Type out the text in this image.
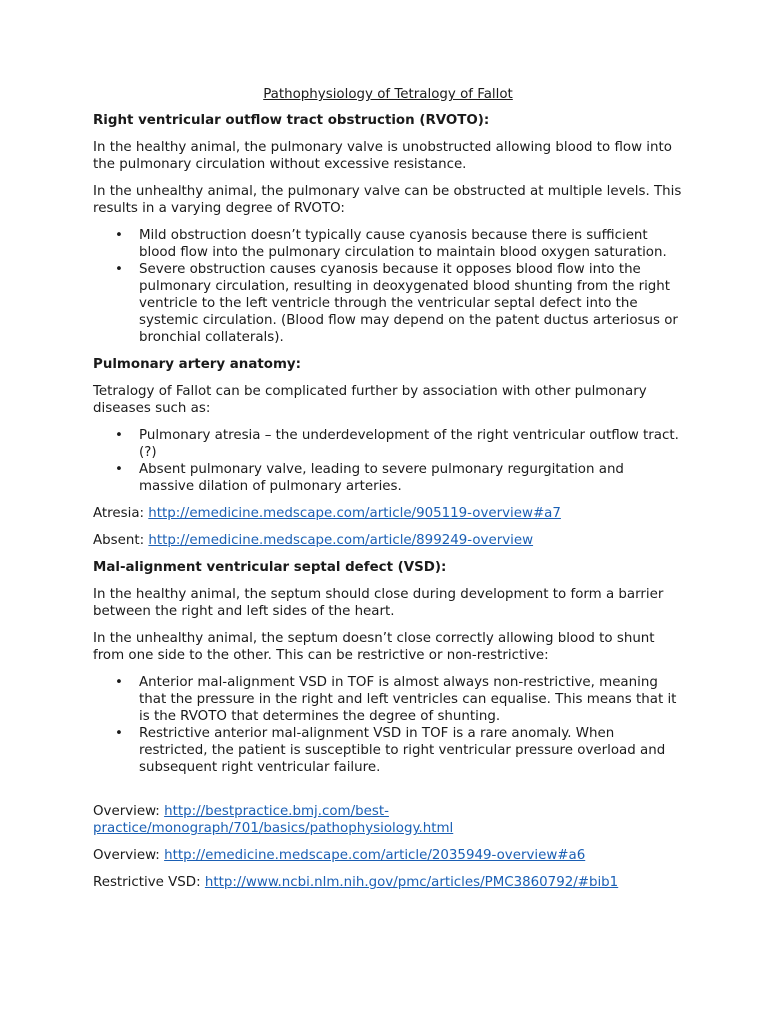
Pathophysiology of Tetralogy of Fallot
Right ventricular outflow tract obstruction (RVOTO):

In the healthy animal, the pulmonary valve is unobstructed allowing blood to flow into the pulmonary circulation without excessive resistance.

In the unhealthy animal, the pulmonary valve can be obstructed at multiple levels. This results in a varying degree of RVOTO:

• Mild obstruction doesn’t typically cause cyanosis because there is sufficient blood flow into the pulmonary circulation to maintain blood oxygen saturation.
• Severe obstruction causes cyanosis because it opposes blood flow into the pulmonary circulation, resulting in deoxygenated blood shunting from the right ventricle to the left ventricle through the ventricular septal defect into the systemic circulation. (Blood flow may depend on the patent ductus arteriosus or bronchial collaterals).
Pulmonary artery anatomy:

Tetralogy of Fallot can be complicated further by association with other pulmonary diseases such as:

• Pulmonary atresia – the underdevelopment of the right ventricular outflow tract. (?)
• Absent pulmonary valve, leading to severe pulmonary regurgitation and massive dilation of pulmonary arteries.

Atresia: http://emedicine.medscape.com/article/905119-overview#a7

Absent: http://emedicine.medscape.com/article/899249-overview

Mal-alignment ventricular septal defect (VSD):

In the healthy animal, the septum should close during development to form a barrier between the right and left sides of the heart.

In the unhealthy animal, the septum doesn’t close correctly allowing blood to shunt from one side to the other. This can be restrictive or non-restrictive:

• Anterior mal-alignment VSD in TOF is almost always non-restrictive, meaning that the pressure in the right and left ventricles can equalise. This means that it is the RVOTO that determines the degree of shunting.
• Restrictive anterior mal-alignment VSD in TOF is a rare anomaly. When restricted, the patient is susceptible to right ventricular pressure overload and subsequent right ventricular failure.

Overview: http://bestpractice.bmj.com/best-practice/monograph/701/basics/pathophysiology.html

Overview: http://emedicine.medscape.com/article/2035949-overview#a6

Restrictive VSD: http://www.ncbi.nlm.nih.gov/pmc/articles/PMC3860792/#bib1
